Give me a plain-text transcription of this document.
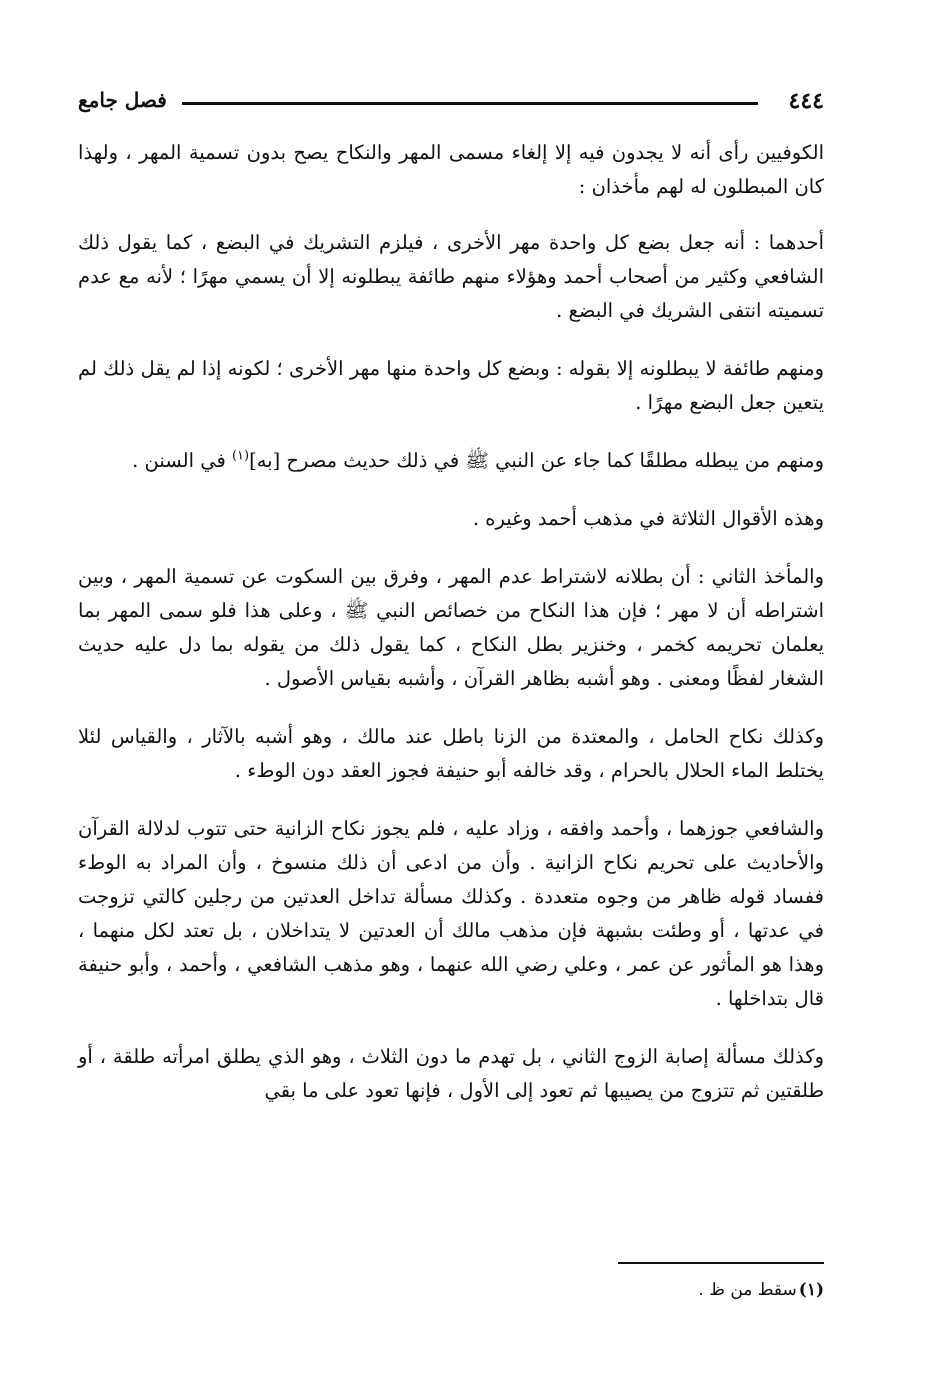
٤٤٤
فصل جامع

الكوفيين رأى أنه لا يجدون فيه إلا إلغاء مسمى المهر والنكاح يصح بدون تسمية المهر ، ولهذا كان المبطلون له لهم مأخذان :

أحدهما : أنه جعل بضع كل واحدة مهر الأخرى ، فيلزم التشريك في البضع ، كما يقول ذلك الشافعي وكثير من أصحاب أحمد وهؤلاء منهم طائفة يبطلونه إلا أن يسمي مهرًا ؛ لأنه مع عدم تسميته انتفى الشريك في البضع .

ومنهم طائفة لا يبطلونه إلا بقوله : وبضع كل واحدة منها مهر الأخرى ؛ لكونه إذا لم يقل ذلك لم يتعين جعل البضع مهرًا .

ومنهم من يبطله مطلقًا كما جاء عن النبي ﷺ في ذلك حديث مصرح [به]$^{(١)}$ في السنن .

وهذه الأقوال الثلاثة في مذهب أحمد وغيره .

والمأخذ الثاني : أن بطلانه لاشتراط عدم المهر ، وفرق بين السكوت عن تسمية المهر ، وبين اشتراطه أن لا مهر ؛ فإن هذا النكاح من خصائص النبي ﷺ ، وعلى هذا فلو سمى المهر بما يعلمان تحريمه كخمر ، وخنزير بطل النكاح ، كما يقول ذلك من يقوله بما دل عليه حديث الشغار لفظًا ومعنى . وهو أشبه بظاهر القرآن ، وأشبه بقياس الأصول .

وكذلك نكاح الحامل ، والمعتدة من الزنا باطل عند مالك ، وهو أشبه بالآثار ، والقياس لئلا يختلط الماء الحلال بالحرام ، وقد خالفه أبو حنيفة فجوز العقد دون الوطء .

والشافعي جوزهما ، وأحمد وافقه ، وزاد عليه ، فلم يجوز نكاح الزانية حتى تتوب لدلالة القرآن والأحاديث على تحريم نكاح الزانية . وأن من ادعى أن ذلك منسوخ ، وأن المراد به الوطء ففساد قوله ظاهر من وجوه متعددة . وكذلك مسألة تداخل العدتين من رجلين كالتي تزوجت في عدتها ، أو وطئت بشبهة فإن مذهب مالك أن العدتين لا يتداخلان ، بل تعتد لكل منهما ، وهذا هو المأثور عن عمر ، وعلي رضي الله عنهما ، وهو مذهب الشافعي ، وأحمد ، وأبو حنيفة قال بتداخلها .

وكذلك مسألة إصابة الزوج الثاني ، بل تهدم ما دون الثلاث ، وهو الذي يطلق امرأته طلقة ، أو طلقتين ثم تتزوج من يصيبها ثم تعود إلى الأول ، فإنها تعود على ما بقي

(١)سقط من ظ .
